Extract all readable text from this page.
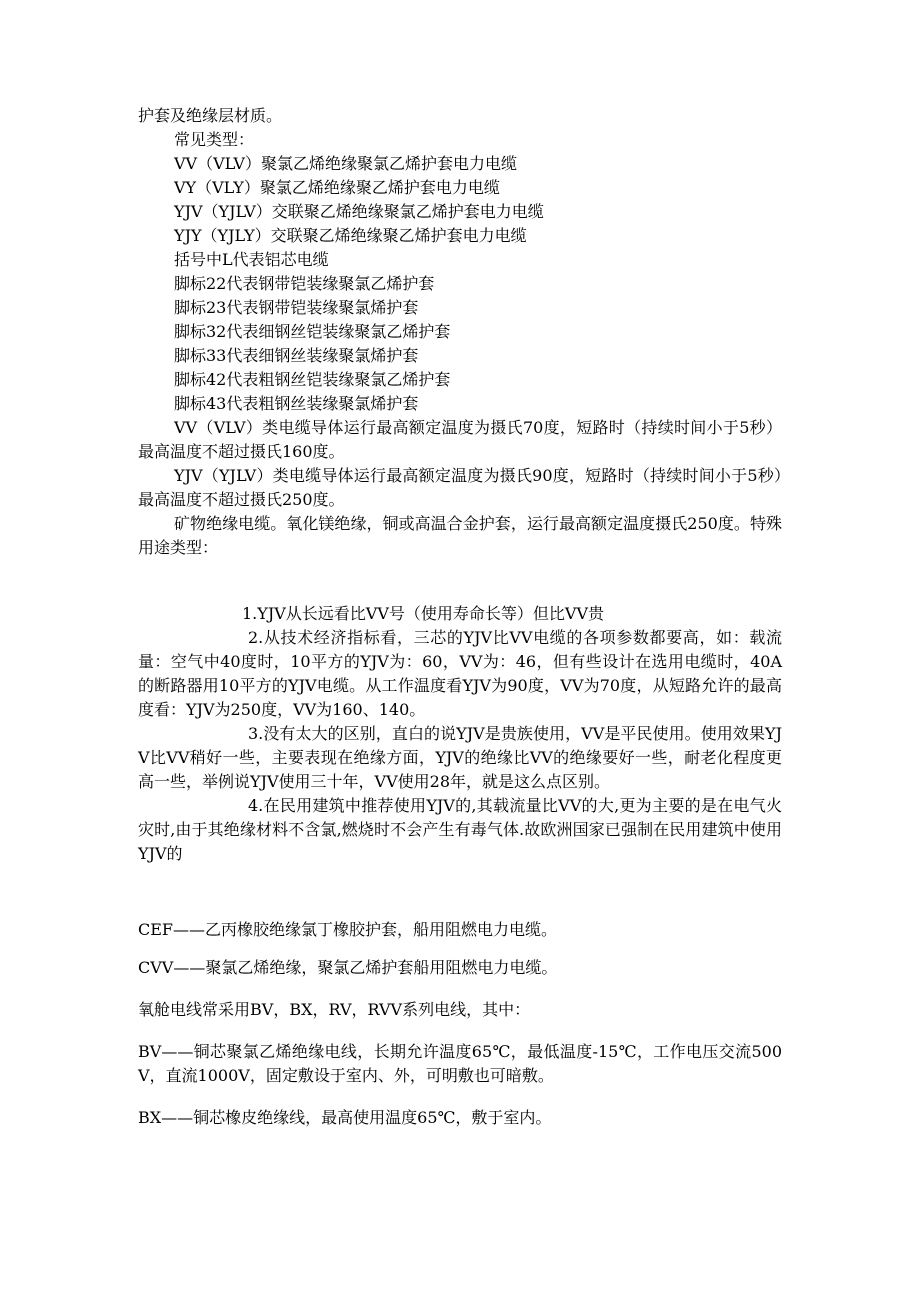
护套及绝缘层材质。
常见类型：
VV（VLV）聚氯乙烯绝缘聚氯乙烯护套电力电缆
VY（VLY）聚氯乙烯绝缘聚乙烯护套电力电缆
YJV（YJLV）交联聚乙烯绝缘聚氯乙烯护套电力电缆
YJY（YJLY）交联聚乙烯绝缘聚乙烯护套电力电缆
括号中L代表铝芯电缆
脚标22代表钢带铠装缘聚氯乙烯护套
脚标23代表钢带铠装缘聚氯烯护套
脚标32代表细钢丝铠装缘聚氯乙烯护套
脚标33代表细钢丝装缘聚氯烯护套
脚标42代表粗钢丝铠装缘聚氯乙烯护套
脚标43代表粗钢丝装缘聚氯烯护套

VV（VLV）类电缆导体运行最高额定温度为摄氏70度，短路时（持续时间小于5秒）最高温度不超过摄氏160度。

YJV（YJLV）类电缆导体运行最高额定温度为摄氏90度，短路时（持续时间小于5秒）最高温度不超过摄氏250度。

矿物绝缘电缆。氧化镁绝缘，铜或高温合金护套，运行最高额定温度摄氏250度。特殊用途类型：

1.YJV从长远看比VV号（使用寿命长等）但比VV贵

2.从技术经济指标看，三芯的YJV比VV电缆的各项参数都要高，如：载流量：空气中40度时，10平方的YJV为：60，VV为：46，但有些设计在选用电缆时，40A的断路器用10平方的YJV电缆。从工作温度看YJV为90度，VV为70度，从短路允许的最高度看：YJV为250度，VV为160、140。

3.没有太大的区别，直白的说YJV是贵族使用，VV是平民使用。使用效果YJV比VV稍好一些，主要表现在绝缘方面，YJV的绝缘比VV的绝缘要好一些，耐老化程度更高一些，举例说YJV使用三十年，VV使用28年，就是这么点区别。

4.在民用建筑中推荐使用YJV的,其载流量比VV的大,更为主要的是在电气火灾时,由于其绝缘材料不含氯,燃烧时不会产生有毒气体.故欧洲国家已强制在民用建筑中使用YJV的

CEF——乙丙橡胶绝缘氯丁橡胶护套，船用阻燃电力电缆。

CVV——聚氯乙烯绝缘，聚氯乙烯护套船用阻燃电力电缆。

氧舱电线常采用BV，BX，RV，RVV系列电线，其中：

BV——铜芯聚氯乙烯绝缘电线，长期允许温度65℃，最低温度-15℃，工作电压交流500V，直流1000V，固定敷设于室内、外，可明敷也可暗敷。

BX——铜芯橡皮绝缘线，最高使用温度65℃，敷于室内。
